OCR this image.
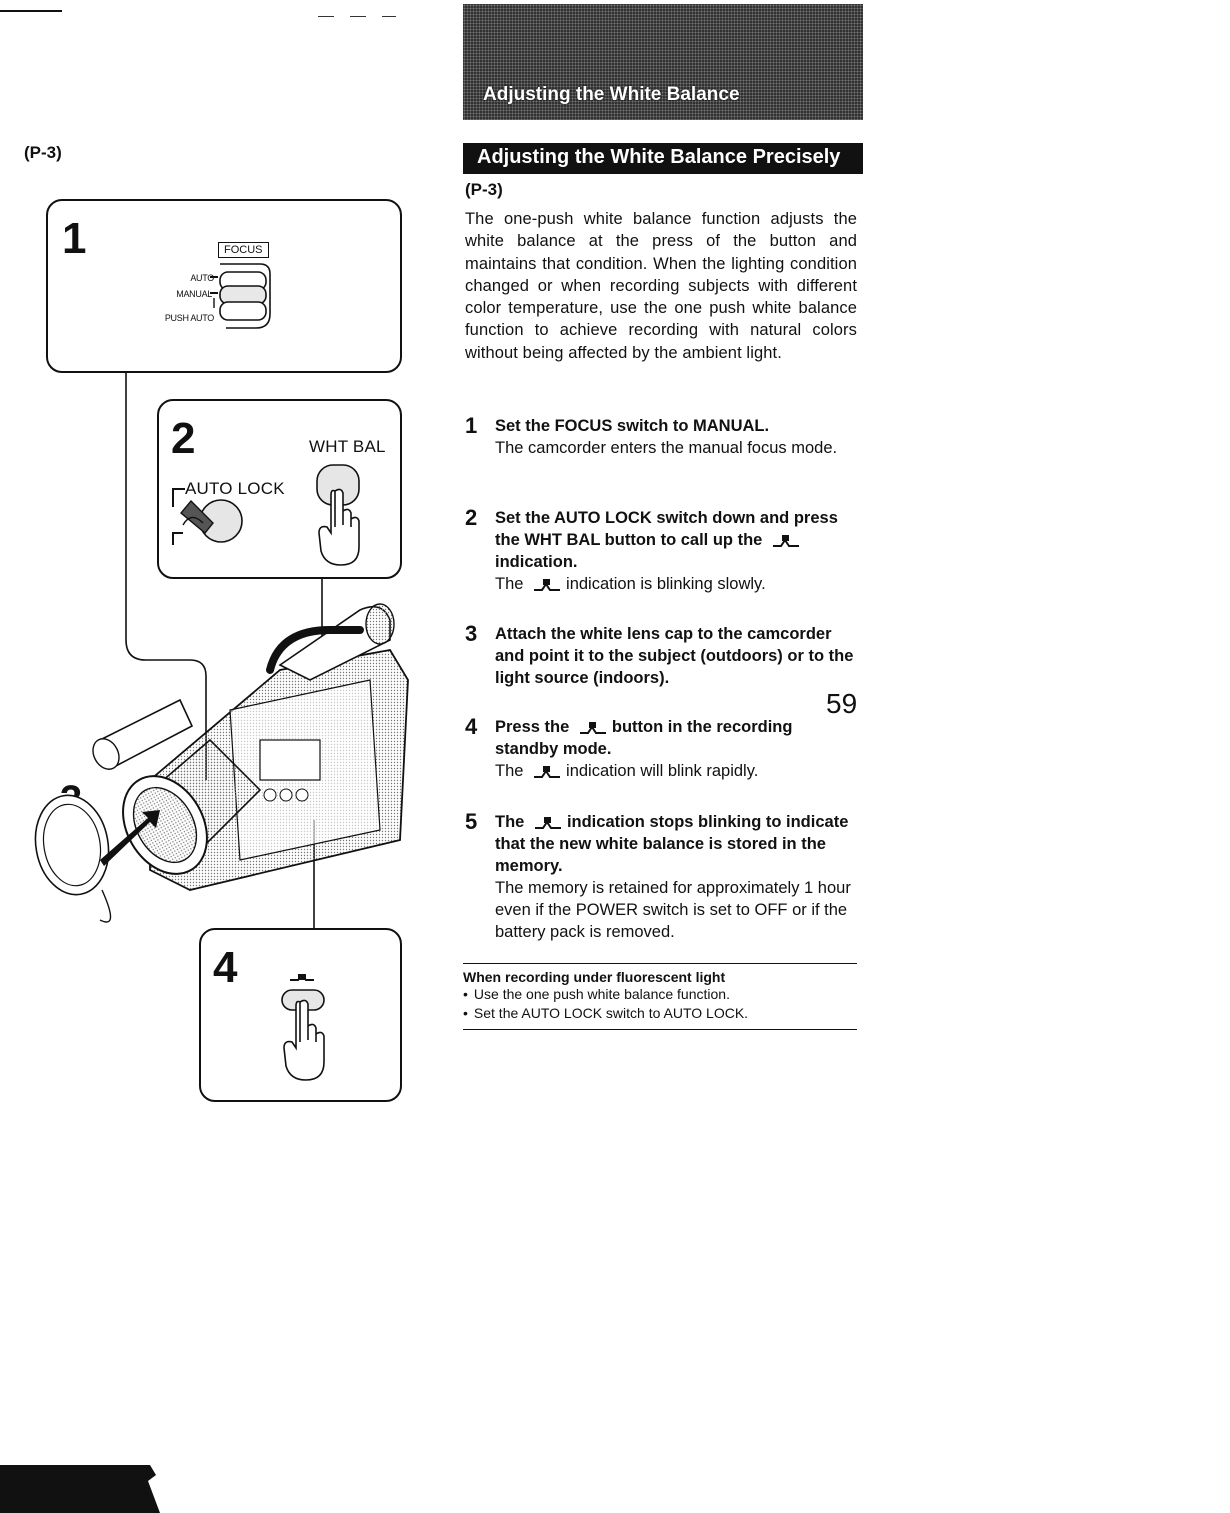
(P-3)
1	FOCUS
AUTO
MANUAL
PUSH AUTO
2	WHT BAL
AUTO LOCK
4
Adjusting the White Balance
Adjusting the White Balance Precisely
(P-3)

The one-push white balance function adjusts the white balance at the press of the button and maintains that condition. When the lighting condition changed or when recording subjects with different color temperature, use the one push white balance function to achieve recording with natural colors without being affected by the ambient light.

1 Set the FOCUS switch to MANUAL.
The camcorder enters the manual focus mode.
2 Set the AUTO LOCK switch down and press the WHT BAL button to call up the indication.
The	indication is blinking slowly.
3 Attach the white lens cap to the camcorder and point it to the subject (outdoors) or to the light source (indoors).
4 Press the	button in the recording standby mode.
The	indication will blink rapidly.
5 The	indication stops blinking to indicate that the new white balance is stored in the memory.
The memory is retained for approximately 1 hour even if the POWER switch is set to OFF or if the battery pack is removed.
When recording under fluorescent light
• Use the one push white balance function.
• Set the AUTO LOCK switch to AUTO LOCK.
59
